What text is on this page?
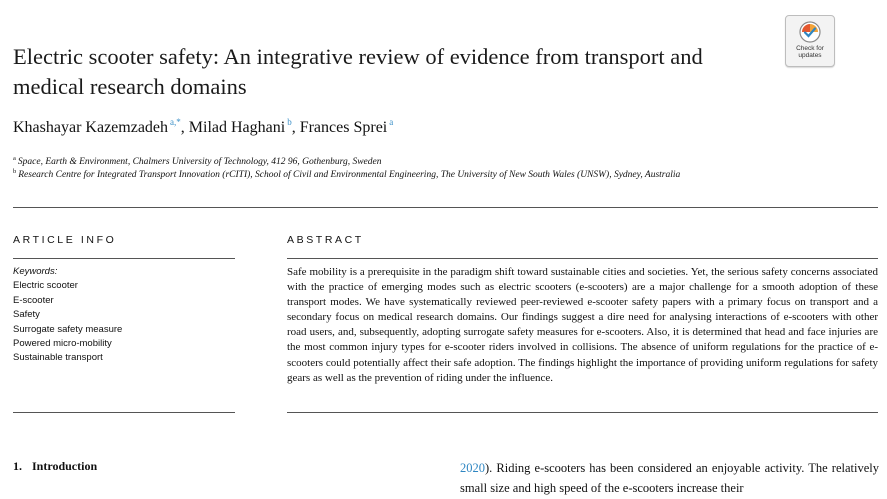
Electric scooter safety: An integrative review of evidence from transport and medical research domains
Check for
updates
Khashayar Kazemzadeh $^{a,*}$, Milad Haghani $^b$, Frances Sprei $^a$
$^a$ Space, Earth & Environment, Chalmers University of Technology, 412 96, Gothenburg, Sweden
$^b$ Research Centre for Integrated Transport Innovation (rCITI), School of Civil and Environmental Engineering, The University of New South Wales (UNSW), Sydney, Australia
ARTICLE INFO	ABSTRACT
Keywords:
Electric scooter
E-scooter
Safety
Surrogate safety measure
Powered micro-mobility
Sustainable transport

Safe mobility is a prerequisite in the paradigm shift toward sustainable cities and societies. Yet, the serious safety concerns associated with the practice of emerging modes such as electric scooters (e-scooters) are a major challenge for a smooth adoption of these transport modes. We have systematically reviewed peer-reviewed e-scooter safety papers with a primary focus on transport and a secondary focus on medical research domains. Our findings suggest a dire need for analysing interactions of e-scooters with other road users, and, subsequently, adopting surrogate safety measures for e-scooters. Also, it is determined that head and face injuries are the most common injury types for e-scooter riders involved in collisions. The absence of uniform regulations for the practice of e-scooters could potentially affect their safe adoption. The findings highlight the importance of providing uniform regulations for safety gears as well as the prevention of riding under the influence.

1. Introduction	2020). Riding e-scooters has been considered an enjoyable activity. The relatively small size and high speed of the e-scooters increase their
